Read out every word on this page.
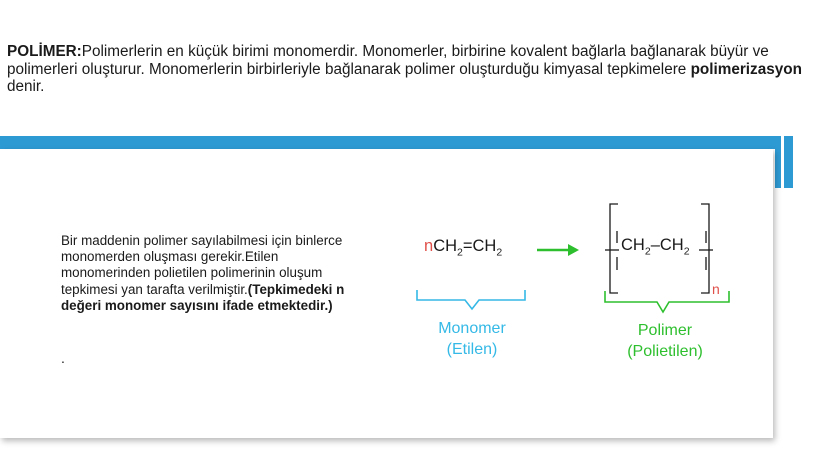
POLİMER:Polimerlerin en küçük birimi monomerdir. Monomerler, birbirine kovalent bağlarla bağlanarak büyür ve polimerleri oluşturur. Monomerlerin birbirleriyle bağlanarak polimer oluşturduğu kimyasal tepkimelere polimerizasyon denir.

Bir maddenin polimer sayılabilmesi için binlerce monomerden oluşması gerekir.Etilen monomerinden polietilen polimerinin oluşum tepkimesi yan tarafta verilmiştir.(Tepkimedeki n değeri monomer sayısını ifade etmektedir.)

.
$nCH_2=CH_2$	$CH_2-CH_2$
n
Monomer
(Etilen)
Polimer
(Polietilen)
